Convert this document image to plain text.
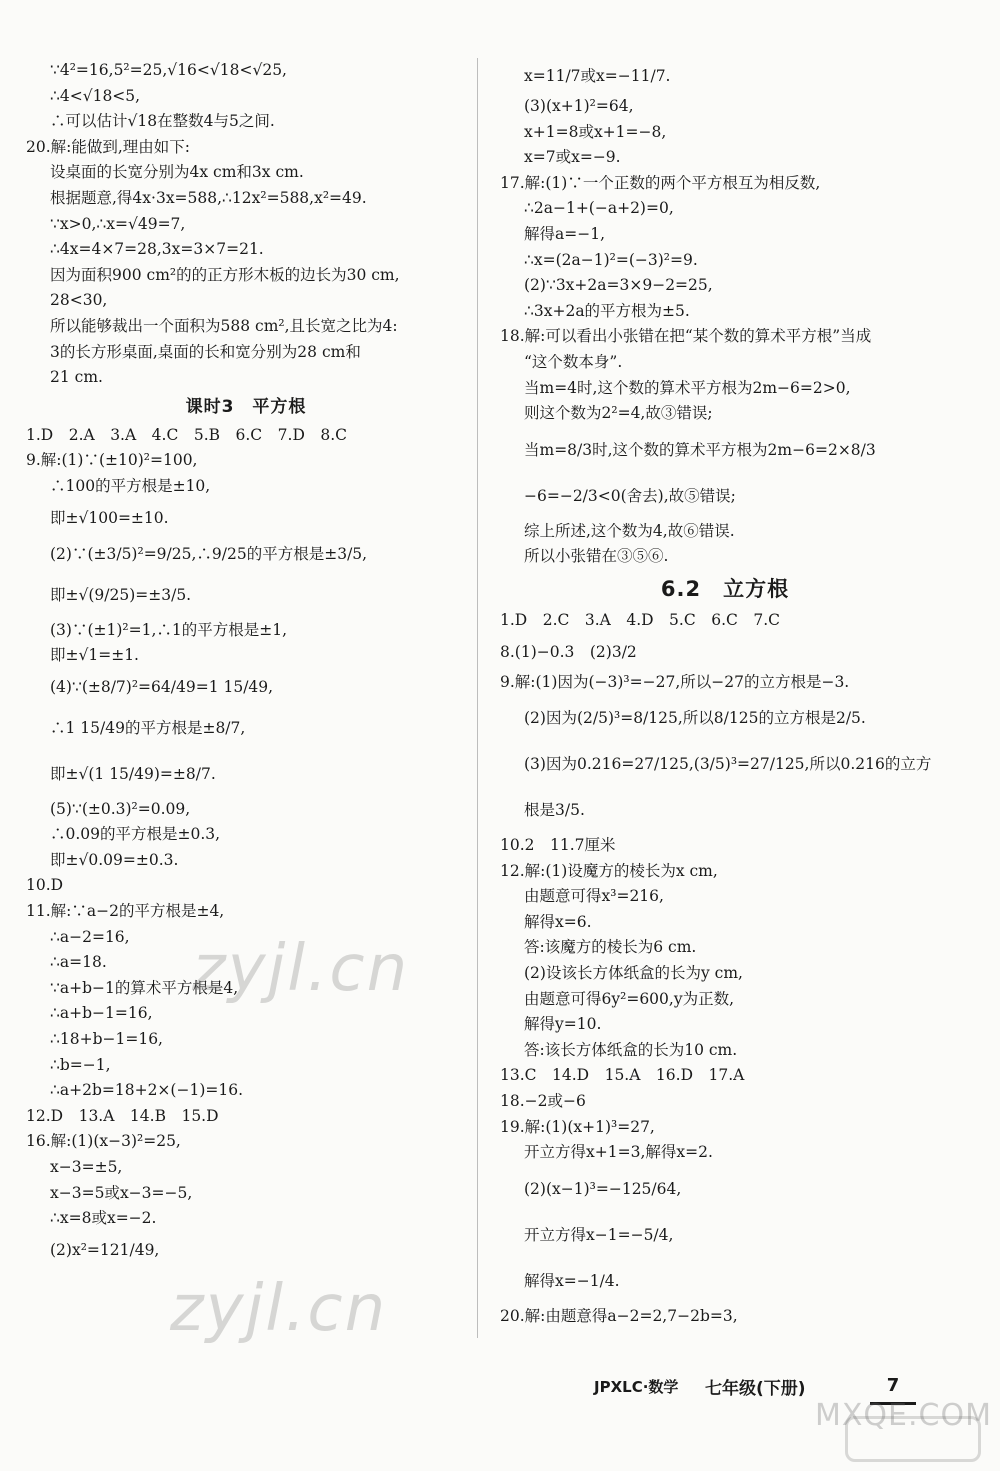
∵4²=16,5²=25,√16<√18<√25,
∴4<√18<5,
∴可以估计√18在整数4与5之间.
20.解:能做到,理由如下:
设桌面的长宽分别为4x cm和3x cm.
根据题意,得4x·3x=588,∴12x²=588,x²=49.
∵x>0,∴x=√49=7,
∴4x=4×7=28,3x=3×7=21.
因为面积900 cm²的的正方形木板的边长为30 cm,
28<30,
所以能够裁出一个面积为588 cm²,且长宽之比为4:
3的长方形桌面,桌面的长和宽分别为28 cm和
21 cm.
课时3　平方根
1.D　2.A　3.A　4.C　5.B　6.C　7.D　8.C
9.解:(1)∵(±10)²=100,
∴100的平方根是±10,
即±√100=±10.
(2)∵(±3/5)²=9/25,∴9/25的平方根是±3/5,
即±√(9/25)=±3/5.
(3)∵(±1)²=1,∴1的平方根是±1,
即±√1=±1.
(4)∵(±8/7)²=64/49=1 15/49,
∴1 15/49的平方根是±8/7,
即±√(1 15/49)=±8/7.
(5)∵(±0.3)²=0.09,
∴0.09的平方根是±0.3,
即±√0.09=±0.3.
10.D
11.解:∵a−2的平方根是±4,
∴a−2=16,
∴a=18.
∵a+b−1的算术平方根是4,
∴a+b−1=16,
∴18+b−1=16,
∴b=−1,
∴a+2b=18+2×(−1)=16.
12.D　13.A　14.B　15.D
16.解:(1)(x−3)²=25,
x−3=±5,
x−3=5或x−3=−5,
∴x=8或x=−2.
(2)x²=121/49,
x=11/7或x=−11/7.
(3)(x+1)²=64,
x+1=8或x+1=−8,
x=7或x=−9.
17.解:(1)∵一个正数的两个平方根互为相反数,
∴2a−1+(−a+2)=0,
解得a=−1,
∴x=(2a−1)²=(−3)²=9.
(2)∵3x+2a=3×9−2=25,
∴3x+2a的平方根为±5.
18.解:可以看出小张错在把“某个数的算术平方根”当成
“这个数本身”.
当m=4时,这个数的算术平方根为2m−6=2>0,
则这个数为2²=4,故③错误;
当m=8/3时,这个数的算术平方根为2m−6=2×8/3
−6=−2/3<0(舍去),故⑤错误;
综上所述,这个数为4,故⑥错误.
所以小张错在③⑤⑥.
6.2　立方根
1.D　2.C　3.A　4.D　5.C　6.C　7.C
8.(1)−0.3　(2)3/2
9.解:(1)因为(−3)³=−27,所以−27的立方根是−3.
(2)因为(2/5)³=8/125,所以8/125的立方根是2/5.
(3)因为0.216=27/125,(3/5)³=27/125,所以0.216的立方
根是3/5.
10.2　11.7厘米
12.解:(1)设魔方的棱长为x cm,
由题意可得x³=216,
解得x=6.
答:该魔方的棱长为6 cm.
(2)设该长方体纸盒的长为y cm,
由题意可得6y²=600,y为正数,
解得y=10.
答:该长方体纸盒的长为10 cm.
13.C　14.D　15.A　16.D　17.A
18.−2或−6
19.解:(1)(x+1)³=27,
开立方得x+1=3,解得x=2.
(2)(x−1)³=−125/64,
开立方得x−1=−5/4,
解得x=−1/4.
20.解:由题意得a−2=2,7−2b=3,
JPXLC·数学 七年级(下册)	7
zyjl.cn
zyjl.cn
MXQE.COM
